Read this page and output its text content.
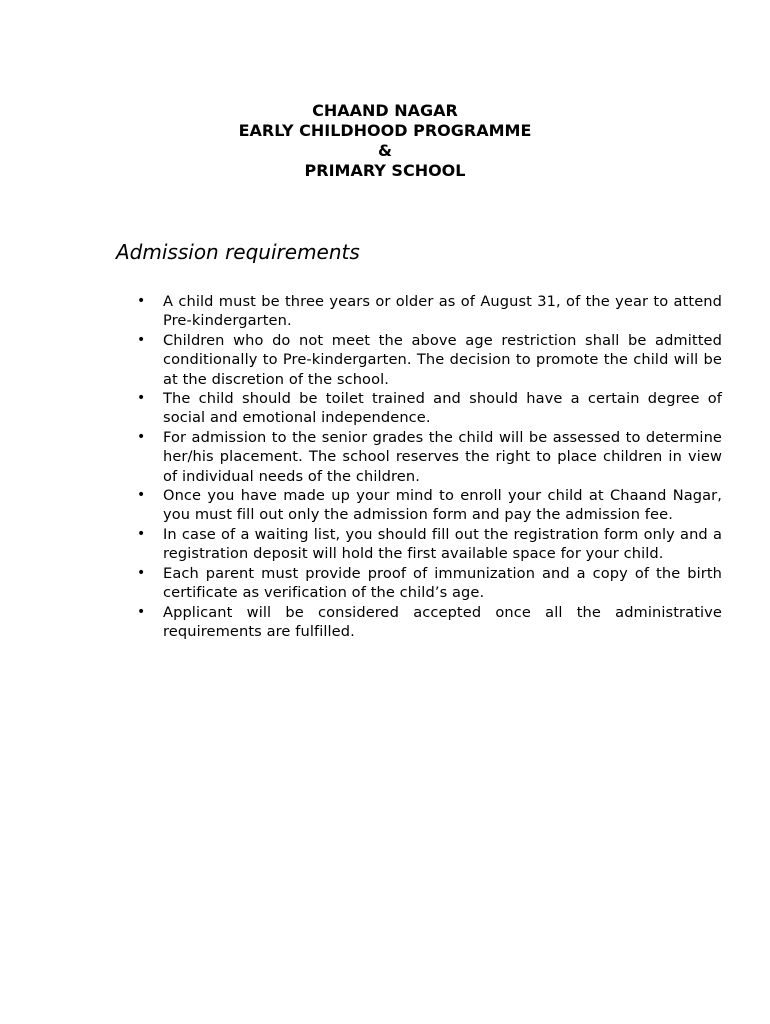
CHAAND NAGAR
EARLY CHILDHOOD PROGRAMME
&
PRIMARY SCHOOL
Admission requirements
• A child must be three years or older as of August 31, of the year to attend Pre-kindergarten.
• Children who do not meet the above age restriction shall be admitted conditionally to Pre-kindergarten. The decision to promote the child will be at the discretion of the school.
• The child should be toilet trained and should have a certain degree of social and emotional independence.
• For admission to the senior grades the child will be assessed to determine her/his placement. The school reserves the right to place children in view of individual needs of the children.
• Once you have made up your mind to enroll your child at Chaand Nagar, you must fill out only the admission form and pay the admission fee.
• In case of a waiting list, you should fill out the registration form only and a registration deposit will hold the first available space for your child.
• Each parent must provide proof of immunization and a copy of the birth certificate as verification of the child’s age.
• Applicant will be considered accepted once all the administrative requirements are fulfilled.
